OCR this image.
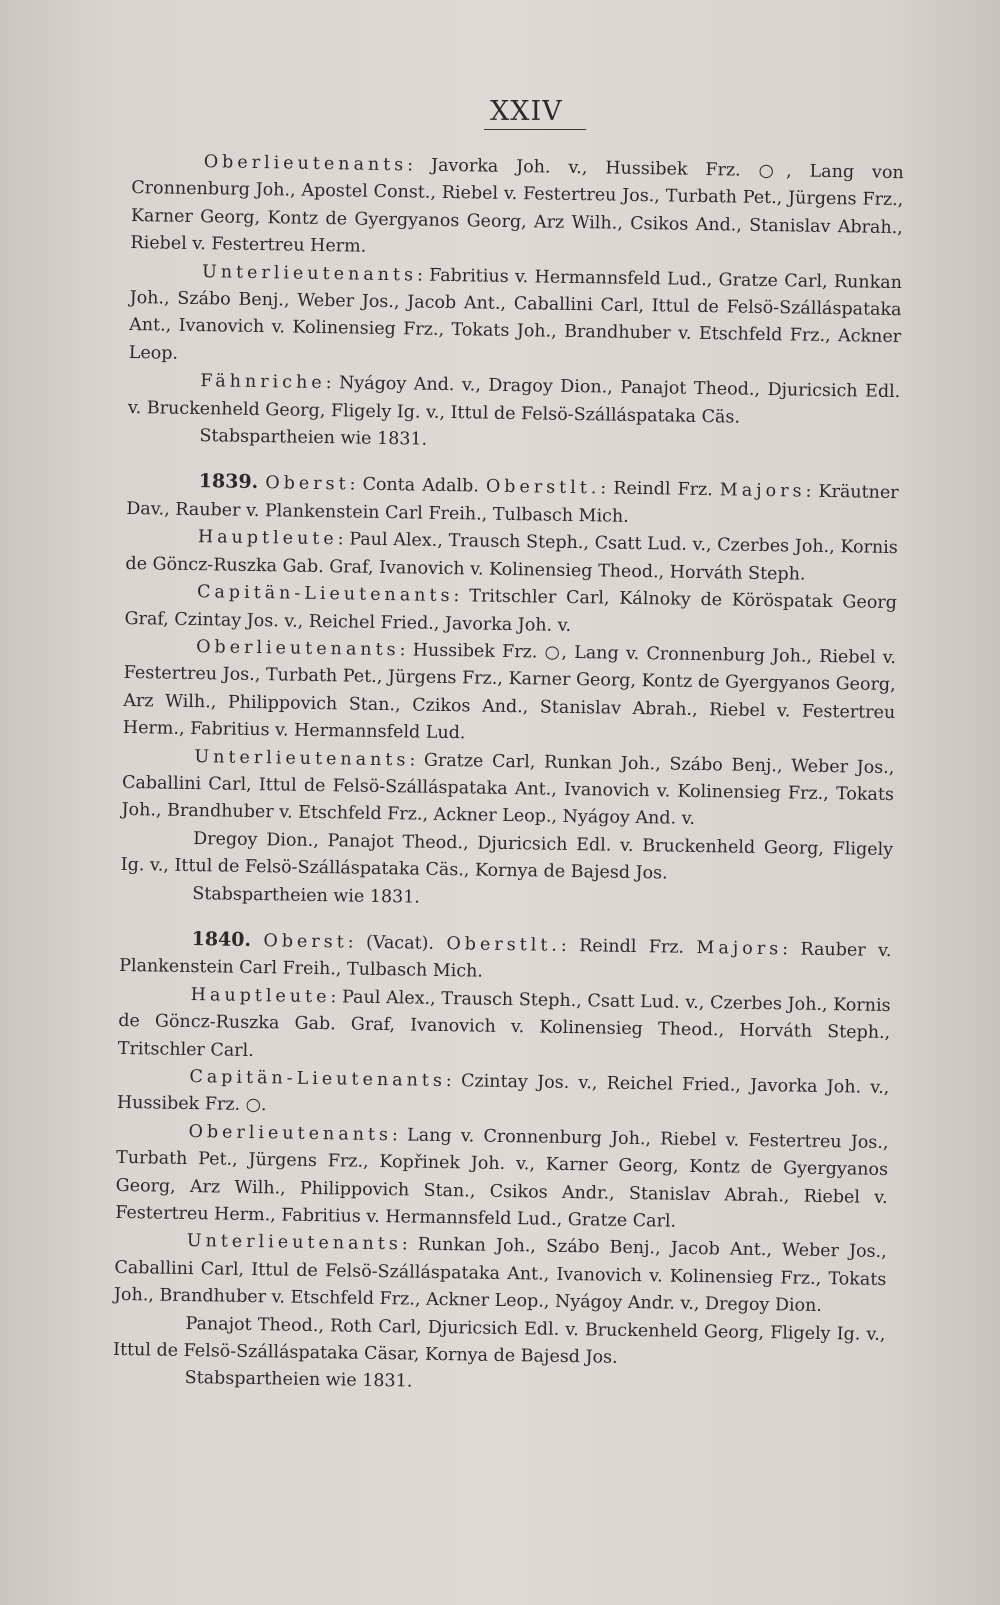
XXIV

Oberlieutenants: Javorka Joh. v., Hussibek Frz. ○, Lang von Cronnenburg Joh., Apostel Const., Riebel v. Festertreu Jos., Turbath Pet., Jürgens Frz., Karner Georg, Kontz de Gyergyanos Georg, Arz Wilh., Csikos And., Stanislav Abrah., Riebel v. Festertreu Herm.

Unterlieutenants: Fabritius v. Hermannsfeld Lud., Gratze Carl, Runkan Joh., Szábo Benj., Weber Jos., Jacob Ant., Caballini Carl, Ittul de Felsö-Szálláspataka Ant., Ivanovich v. Kolinensieg Frz., Tokats Joh., Brandhuber v. Etschfeld Frz., Ackner Leop.

Fähnriche: Nyágoy And. v., Dragoy Dion., Panajot Theod., Djuricsich Edl. v. Bruckenheld Georg, Fligely Ig. v., Ittul de Felsö-Szálláspataka Cäs.

Stabspartheien wie 1831.

1839. Oberst: Conta Adalb. Oberstlt.: Reindl Frz. Majors: Kräutner Dav., Rauber v. Plankenstein Carl Freih., Tulbasch Mich.

Hauptleute: Paul Alex., Trausch Steph., Csatt Lud. v., Czerbes Joh., Kornis de Göncz-Ruszka Gab. Graf, Ivanovich v. Kolinensieg Theod., Horváth Steph.

Capitän-Lieutenants: Tritschler Carl, Kálnoky de Köröspatak Georg Graf, Czintay Jos. v., Reichel Fried., Javorka Joh. v.

Oberlieutenants: Hussibek Frz. ○, Lang v. Cronnenburg Joh., Riebel v. Festertreu Jos., Turbath Pet., Jürgens Frz., Karner Georg, Kontz de Gyergyanos Georg, Arz Wilh., Philippovich Stan., Czikos And., Stanislav Abrah., Riebel v. Festertreu Herm., Fabritius v. Hermannsfeld Lud.

Unterlieutenants: Gratze Carl, Runkan Joh., Szábo Benj., Weber Jos., Caballini Carl, Ittul de Felsö-Szálláspataka Ant., Ivanovich v. Kolinensieg Frz., Tokats Joh., Brandhuber v. Etschfeld Frz., Ackner Leop., Nyágoy And. v.

Dregoy Dion., Panajot Theod., Djuricsich Edl. v. Bruckenheld Georg, Fligely Ig. v., Ittul de Felsö-Szálláspataka Cäs., Kornya de Bajesd Jos.

Stabspartheien wie 1831.

1840. Oberst: (Vacat). Oberstlt.: Reindl Frz. Majors: Rauber v. Plankenstein Carl Freih., Tulbasch Mich.

Hauptleute: Paul Alex., Trausch Steph., Csatt Lud. v., Czerbes Joh., Kornis de Göncz-Ruszka Gab. Graf, Ivanovich v. Kolinensieg Theod., Horváth Steph., Tritschler Carl.

Capitän-Lieutenants: Czintay Jos. v., Reichel Fried., Javorka Joh. v., Hussibek Frz. ○.

Oberlieutenants: Lang v. Cronnenburg Joh., Riebel v. Festertreu Jos., Turbath Pet., Jürgens Frz., Kopřinek Joh. v., Karner Georg, Kontz de Gyergyanos Georg, Arz Wilh., Philippovich Stan., Csikos Andr., Stanislav Abrah., Riebel v. Festertreu Herm., Fabritius v. Hermannsfeld Lud., Gratze Carl.

Unterlieutenants: Runkan Joh., Szábo Benj., Jacob Ant., Weber Jos., Caballini Carl, Ittul de Felsö-Szálláspataka Ant., Ivanovich v. Kolinensieg Frz., Tokats Joh., Brandhuber v. Etschfeld Frz., Ackner Leop., Nyágoy Andr. v., Dregoy Dion.

Panajot Theod., Roth Carl, Djuricsich Edl. v. Bruckenheld Georg, Fligely Ig. v., Ittul de Felsö-Szálláspataka Cäsar, Kornya de Bajesd Jos.

Stabspartheien wie 1831.
